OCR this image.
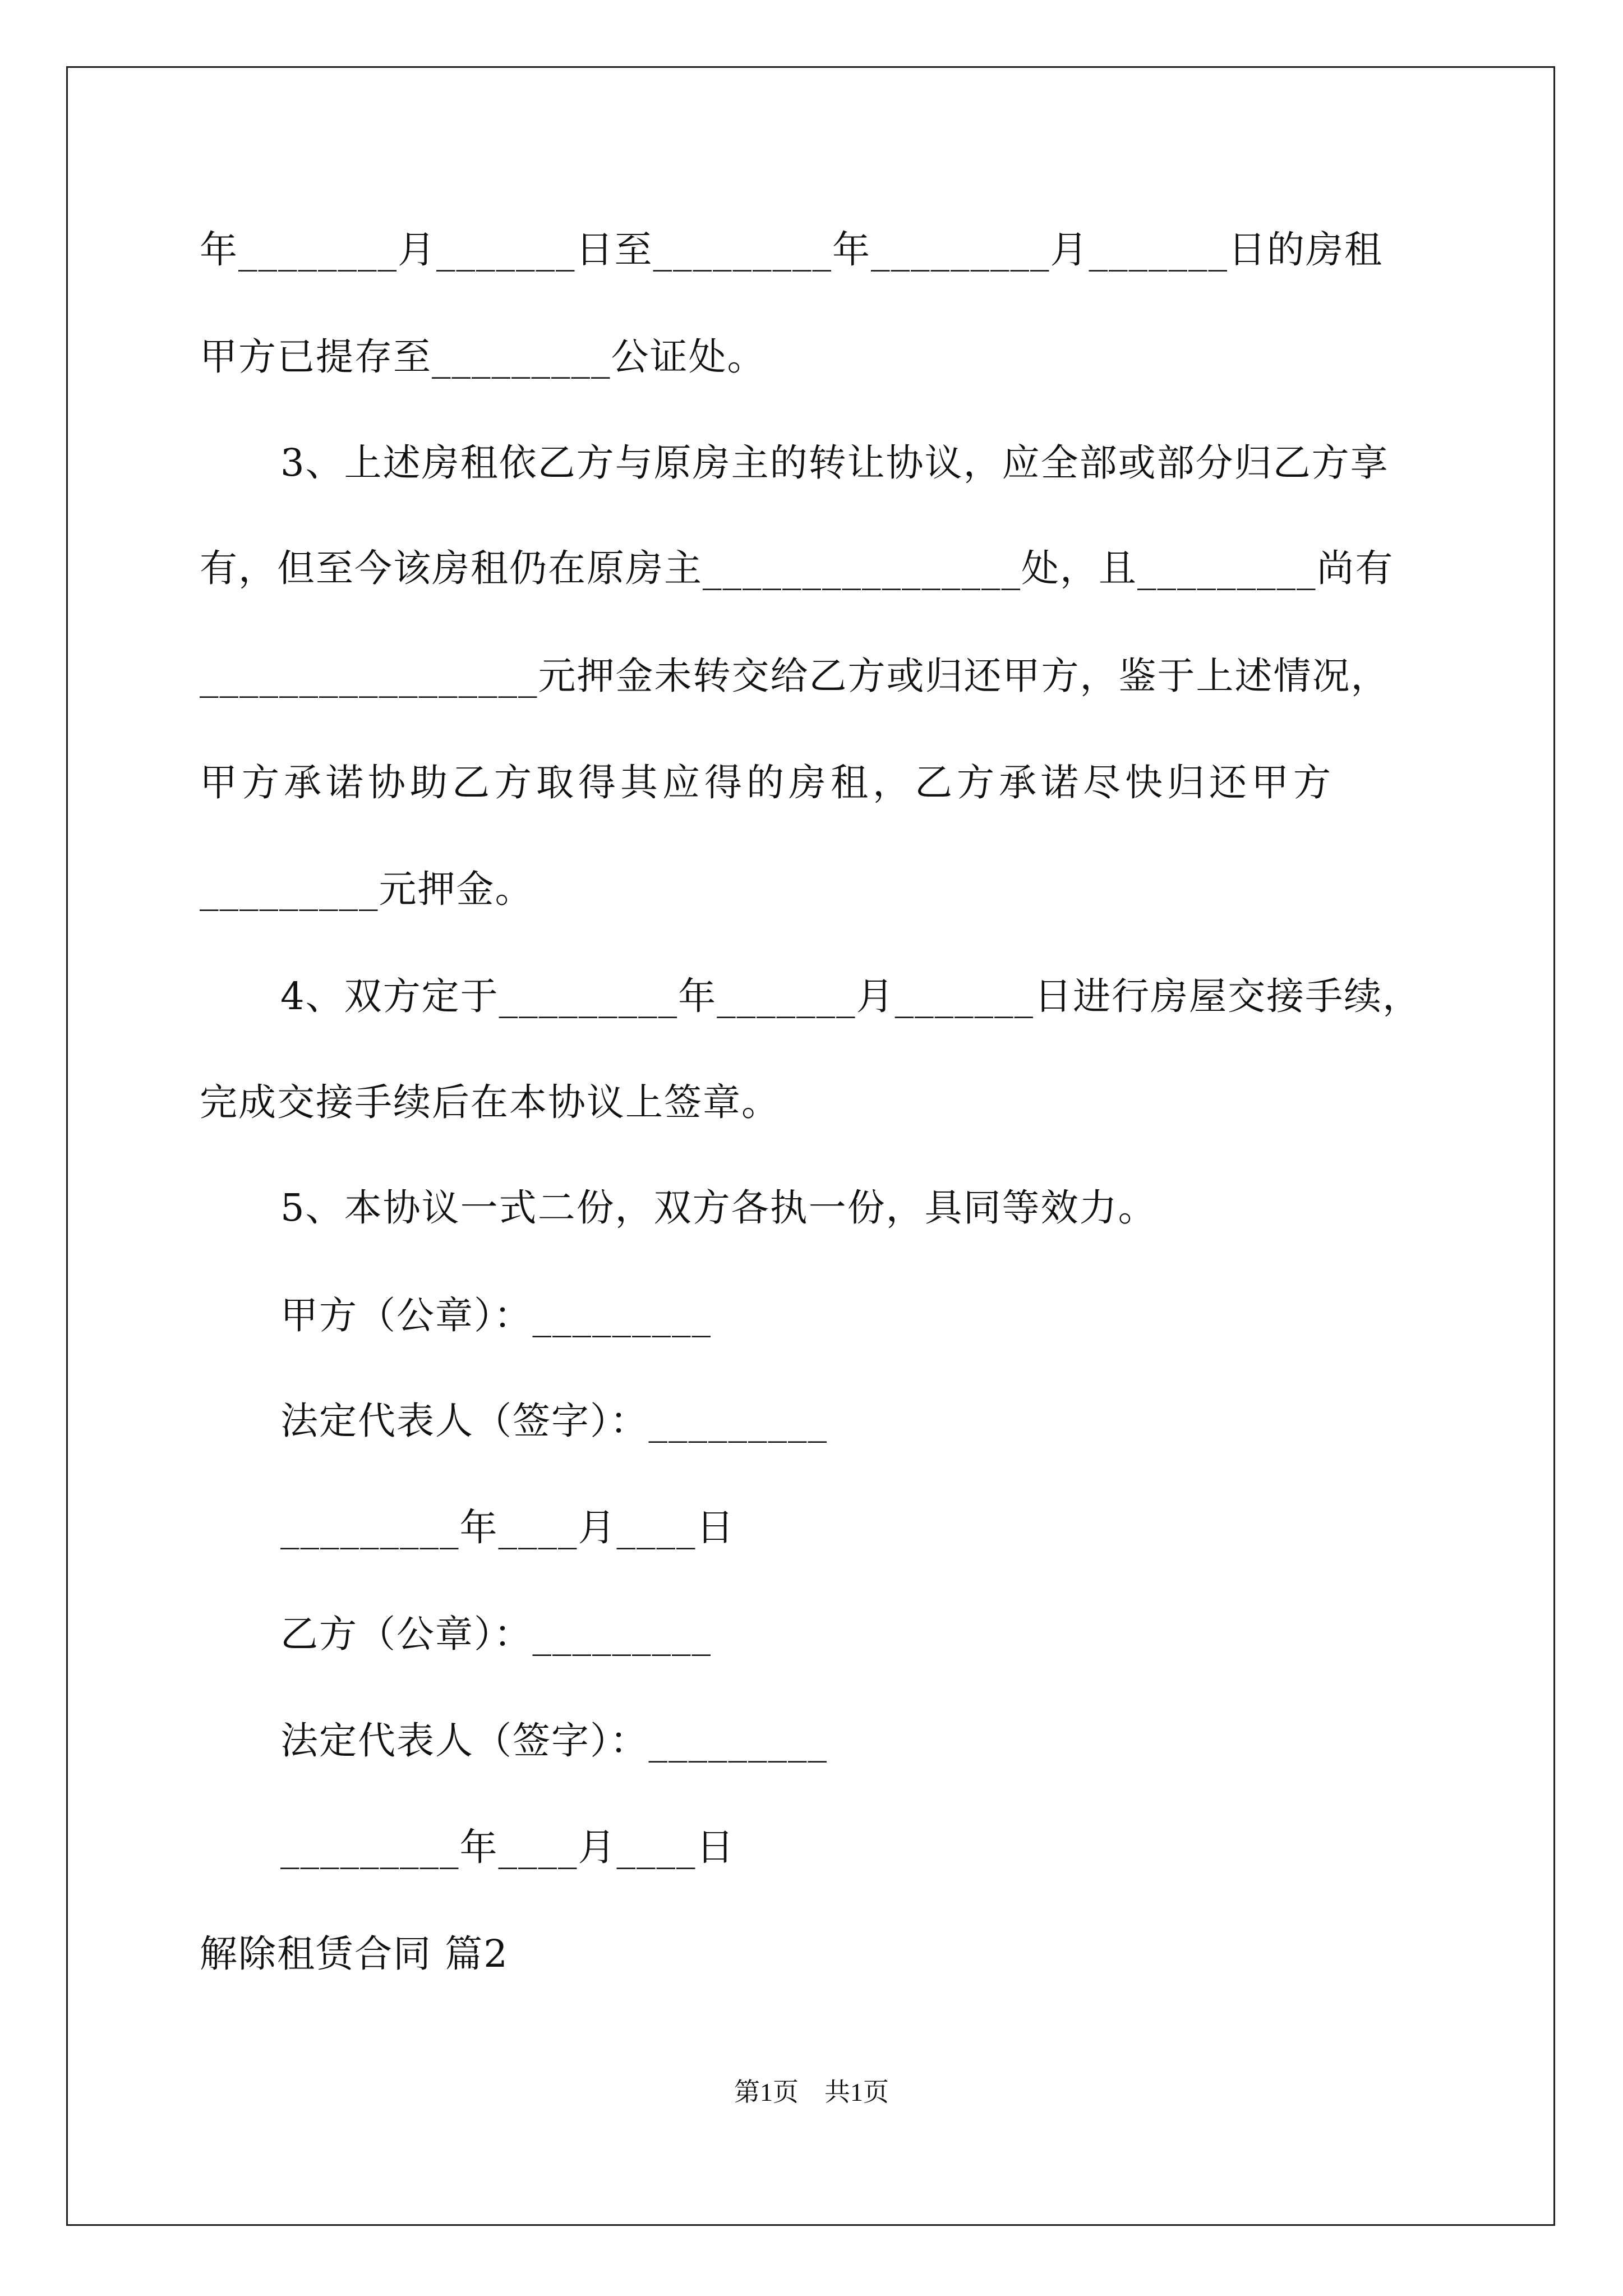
年________月_______日至_________年_________月_______日的房租
甲方已提存至_________公证处。
3、上述房租依乙方与原房主的转让协议，应全部或部分归乙方享
有，但至今该房租仍在原房主________________处，且_________尚有
_________________元押金未转交给乙方或归还甲方，鉴于上述情况，
甲方承诺协助乙方取得其应得的房租，乙方承诺尽快归还甲方
_________元押金。
4、双方定于_________年_______月_______日进行房屋交接手续，
完成交接手续后在本协议上签章。
5、本协议一式二份，双方各执一份，具同等效力。
甲方（公章）：_________
法定代表人（签字）：_________
_________年____月____日
乙方（公章）：_________
法定代表人（签字）：_________
_________年____月____日
解除租赁合同 篇2
第1页　共1页
